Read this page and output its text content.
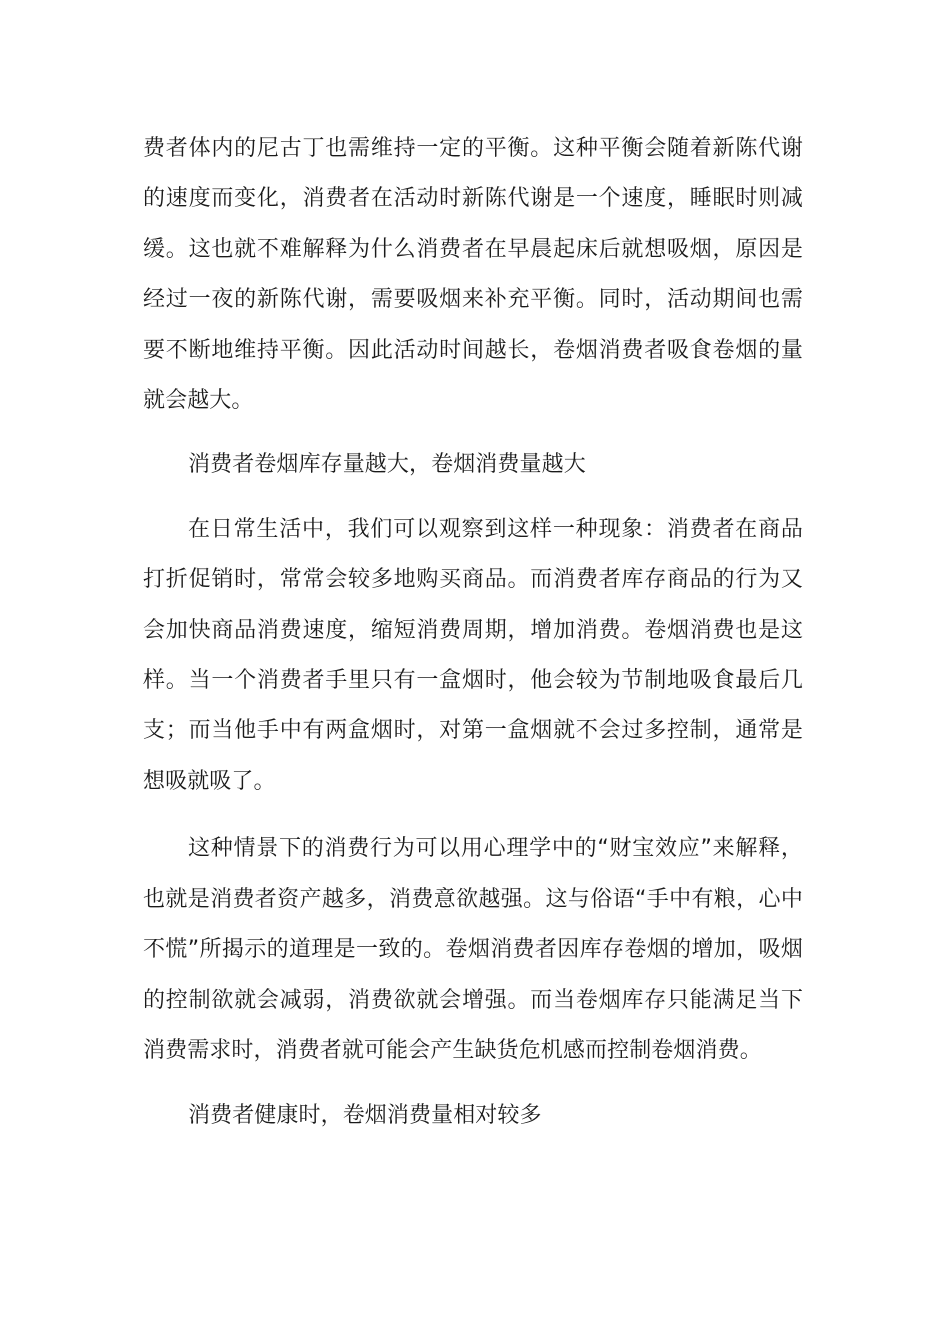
费者体内的尼古丁也需维持一定的平衡。这种平衡会随着新陈代谢的速度而变化，消费者在活动时新陈代谢是一个速度，睡眠时则减缓。这也就不难解释为什么消费者在早晨起床后就想吸烟，原因是经过一夜的新陈代谢，需要吸烟来补充平衡。同时，活动期间也需要不断地维持平衡。因此活动时间越长，卷烟消费者吸食卷烟的量就会越大。

消费者卷烟库存量越大，卷烟消费量越大

在日常生活中，我们可以观察到这样一种现象：消费者在商品打折促销时，常常会较多地购买商品。而消费者库存商品的行为又会加快商品消费速度，缩短消费周期，增加消费。卷烟消费也是这样。当一个消费者手里只有一盒烟时，他会较为节制地吸食最后几支；而当他手中有两盒烟时，对第一盒烟就不会过多控制，通常是想吸就吸了。

这种情景下的消费行为可以用心理学中的“财宝效应”来解释，也就是消费者资产越多，消费意欲越强。这与俗语“手中有粮，心中不慌”所揭示的道理是一致的。卷烟消费者因库存卷烟的增加，吸烟的控制欲就会减弱，消费欲就会增强。而当卷烟库存只能满足当下消费需求时，消费者就可能会产生缺货危机感而控制卷烟消费。

消费者健康时，卷烟消费量相对较多
